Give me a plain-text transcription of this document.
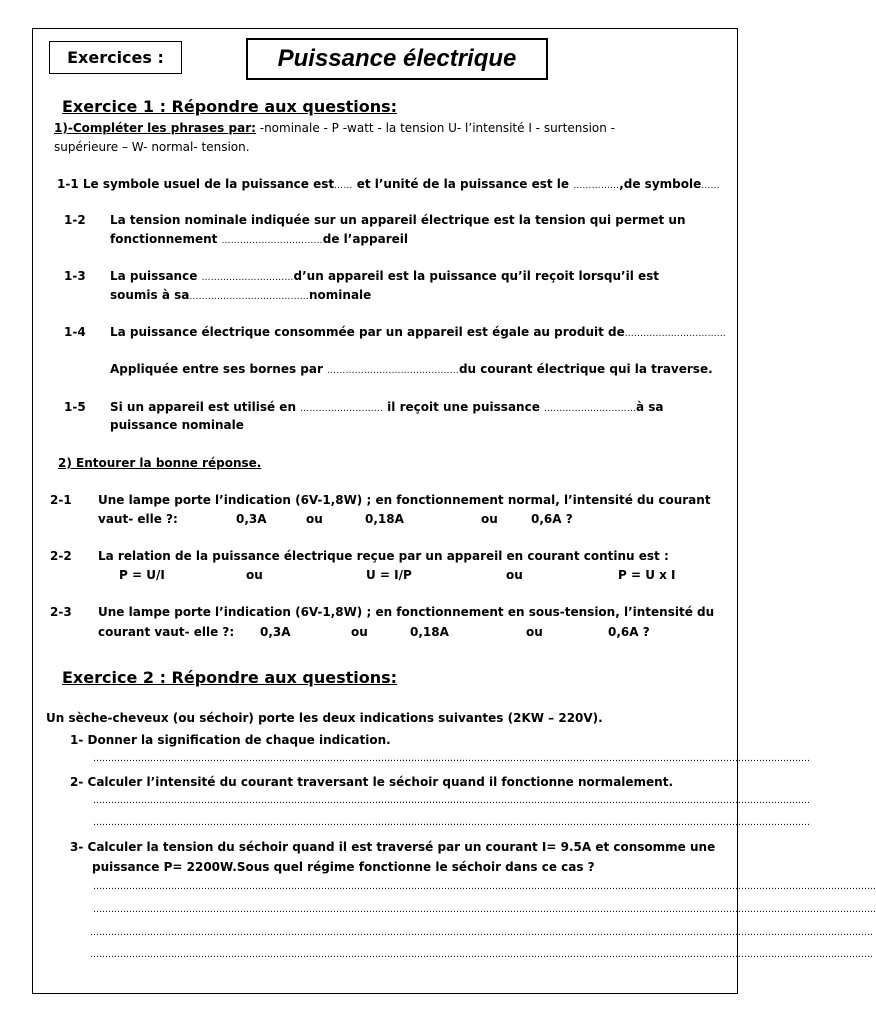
Exercices :	Puissance électrique
Exercice 1 : Répondre aux questions:
1)-Compléter les phrases par: -nominale - P -watt - la tension U- l’intensité I - surtension -
supérieure – W- normal- tension.
1-1 Le symbole usuel de la puissance est…… et l’unité de la puissance est le ……………,de symbole……
1-2 La tension nominale indiquée sur un appareil électrique est la tension qui permet un
fonctionnement ……………………………de l’appareil
1-3 La puissance …………………………d’un appareil est la puissance qu’il reçoit lorsqu’il est
soumis à sa…………………………………nominale
1-4 La puissance électrique consommée par un appareil est égale au produit de……………………………
Appliquée entre ses bornes par ……………………………….……du courant électrique qui la traverse.
1-5 Si un appareil est utilisé en ……………………… il reçoit une puissance …………………………à sa
puissance nominale
2) Entourer la bonne réponse.
2-1 Une lampe porte l’indication (6V-1,8W) ; en fonctionnement normal, l’intensité du courant
vaut- elle ?:	0,3A	ou	0,18A	ou	0,6A ?
2-2 La relation de la puissance électrique reçue par un appareil en courant continu est :
P = U/I	ou	U = I/P	ou	P = U x I
2-3 Une lampe porte l’indication (6V-1,8W) ; en fonctionnement en sous-tension, l’intensité du
courant vaut- elle ?: 0,3A	ou	0,18A	ou	0,6A ?
Exercice 2 : Répondre aux questions:
Un sèche-cheveux (ou séchoir) porte les deux indications suivantes (2KW – 220V).
1- Donner la signification de chaque indication.
………………………………………………………………………………………………………………
………………………………………………………………………………………………………………………………
2- Calculer l’intensité du courant traversant le séchoir quand il fonctionne normalement.
………………………………………………………………………………………………………………
………………………………………………………………………………………………………………………………
………………………………………………………………………………………………………………
………………………………………………………………………………………………………………………………
3- Calculer la tension du séchoir quand il est traversé par un courant I= 9.5A et consomme une
puissance P= 2200W.Sous quel régime fonctionne le séchoir dans ce cas ?
………………………………………………………………………………………………………………………………………………………………………………………………………………………………………
………………………………………………………………………………………………………………………………………………………………………………………………………………………………………
………………………………………………………………………………………………………………………………………………………………………………………………………………………………………
………………………………………………………………………………………………………………………………………………………………………………………………………………………………………
